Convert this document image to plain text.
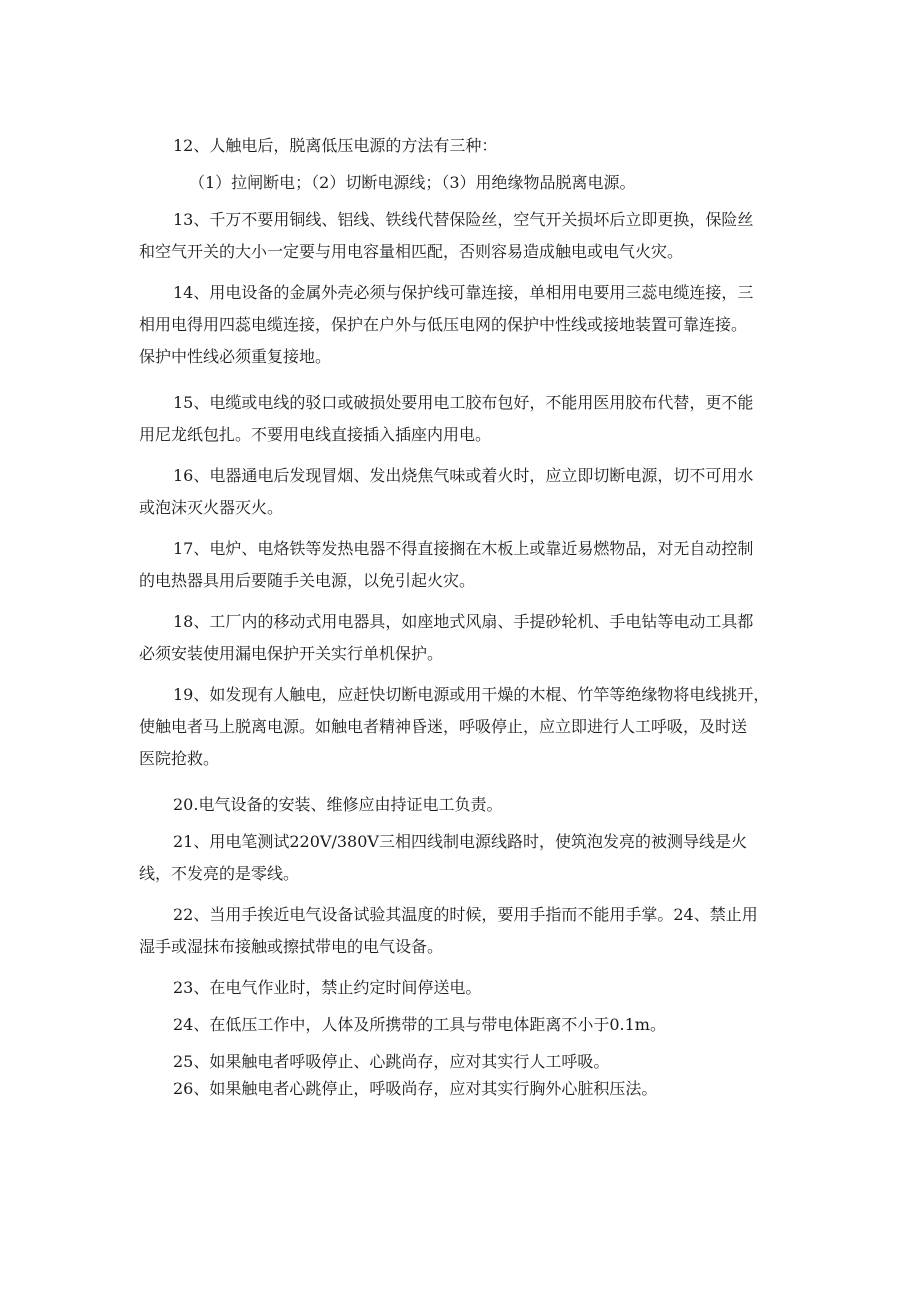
12、人触电后，脱离低压电源的方法有三种：
（1）拉闸断电；（2）切断电源线；（3）用绝缘物品脱离电源。
13、千万不要用铜线、铝线、铁线代替保险丝，空气开关损坏后立即更换，保险丝
和空气开关的大小一定要与用电容量相匹配，否则容易造成触电或电气火灾。
14、用电设备的金属外壳必须与保护线可靠连接，单相用电要用三蕊电缆连接，三
相用电得用四蕊电缆连接，保护在户外与低压电网的保护中性线或接地装置可靠连接。
保护中性线必须重复接地。
15、电缆或电线的驳口或破损处要用电工胶布包好，不能用医用胶布代替，更不能
用尼龙纸包扎。不要用电线直接插入插座内用电。
16、电器通电后发现冒烟、发出烧焦气味或着火时，应立即切断电源，切不可用水
或泡沫灭火器灭火。
17、电炉、电烙铁等发热电器不得直接搁在木板上或靠近易燃物品，对无自动控制
的电热器具用后要随手关电源，以免引起火灾。
18、工厂内的移动式用电器具，如座地式风扇、手提砂轮机、手电钻等电动工具都
必须安装使用漏电保护开关实行单机保护。
19、如发现有人触电，应赶快切断电源或用干燥的木棍、竹竿等绝缘物将电线挑开，
使触电者马上脱离电源。如触电者精神昏迷，呼吸停止，应立即进行人工呼吸，及时送
医院抢救。
20.电气设备的安装、维修应由持证电工负责。
21、用电笔测试220V/380V三相四线制电源线路时，使筑泡发亮的被测导线是火
线，不发亮的是零线。
22、当用手挨近电气设备试验其温度的时候，要用手指而不能用手掌。24、禁止用
湿手或湿抹布接触或擦拭带电的电气设备。
23、在电气作业时，禁止约定时间停送电。
24、在低压工作中，人体及所携带的工具与带电体距离不小于0.1m。
25、如果触电者呼吸停止、心跳尚存，应对其实行人工呼吸。
26、如果触电者心跳停止，呼吸尚存，应对其实行胸外心脏积压法。
